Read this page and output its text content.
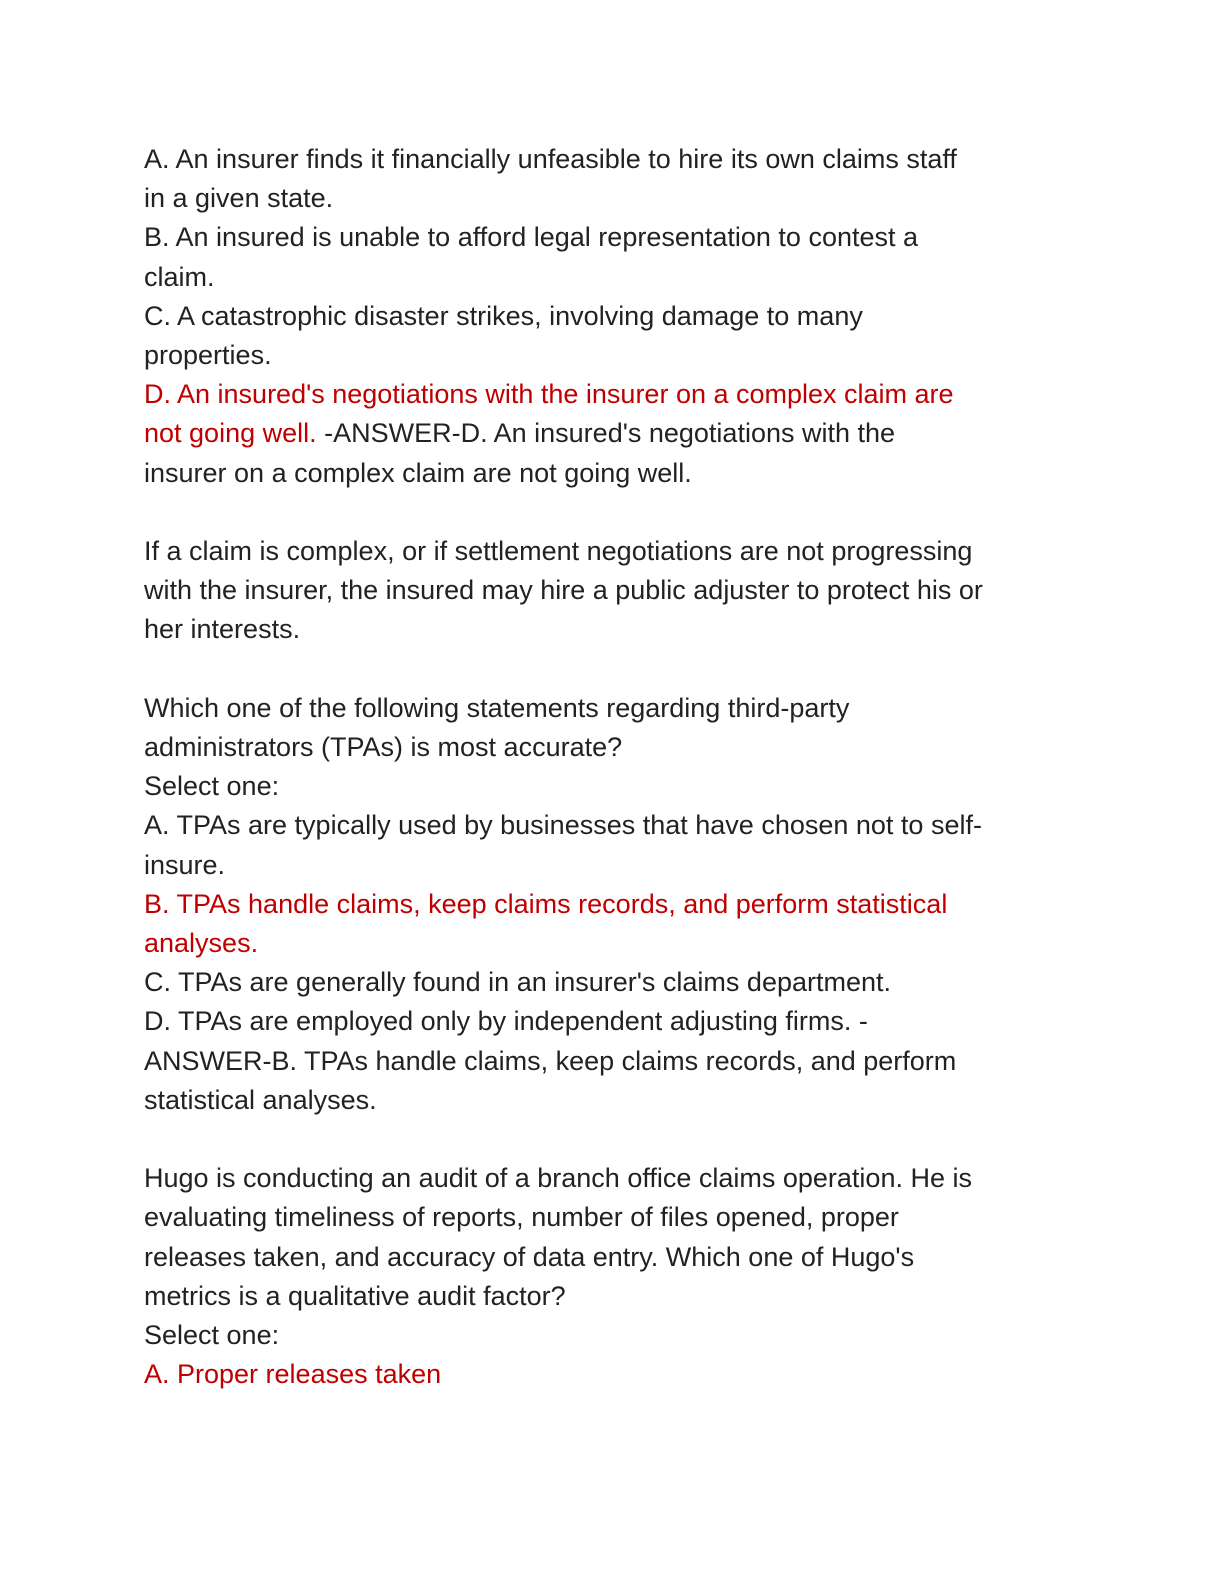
A. An insurer finds it financially unfeasible to hire its own claims staff
in a given state.
B. An insured is unable to afford legal representation to contest a
claim.
C. A catastrophic disaster strikes, involving damage to many
properties.
D. An insured's negotiations with the insurer on a complex claim are
not going well. -ANSWER-D. An insured's negotiations with the
insurer on a complex claim are not going well.
If a claim is complex, or if settlement negotiations are not progressing
with the insurer, the insured may hire a public adjuster to protect his or
her interests.
Which one of the following statements regarding third-party
administrators (TPAs) is most accurate?
Select one:
A. TPAs are typically used by businesses that have chosen not to self-
insure.
B. TPAs handle claims, keep claims records, and perform statistical
analyses.
C. TPAs are generally found in an insurer's claims department.
D. TPAs are employed only by independent adjusting firms. -
ANSWER-B. TPAs handle claims, keep claims records, and perform
statistical analyses.
Hugo is conducting an audit of a branch office claims operation. He is
evaluating timeliness of reports, number of files opened, proper
releases taken, and accuracy of data entry. Which one of Hugo's
metrics is a qualitative audit factor?
Select one:
A. Proper releases taken
